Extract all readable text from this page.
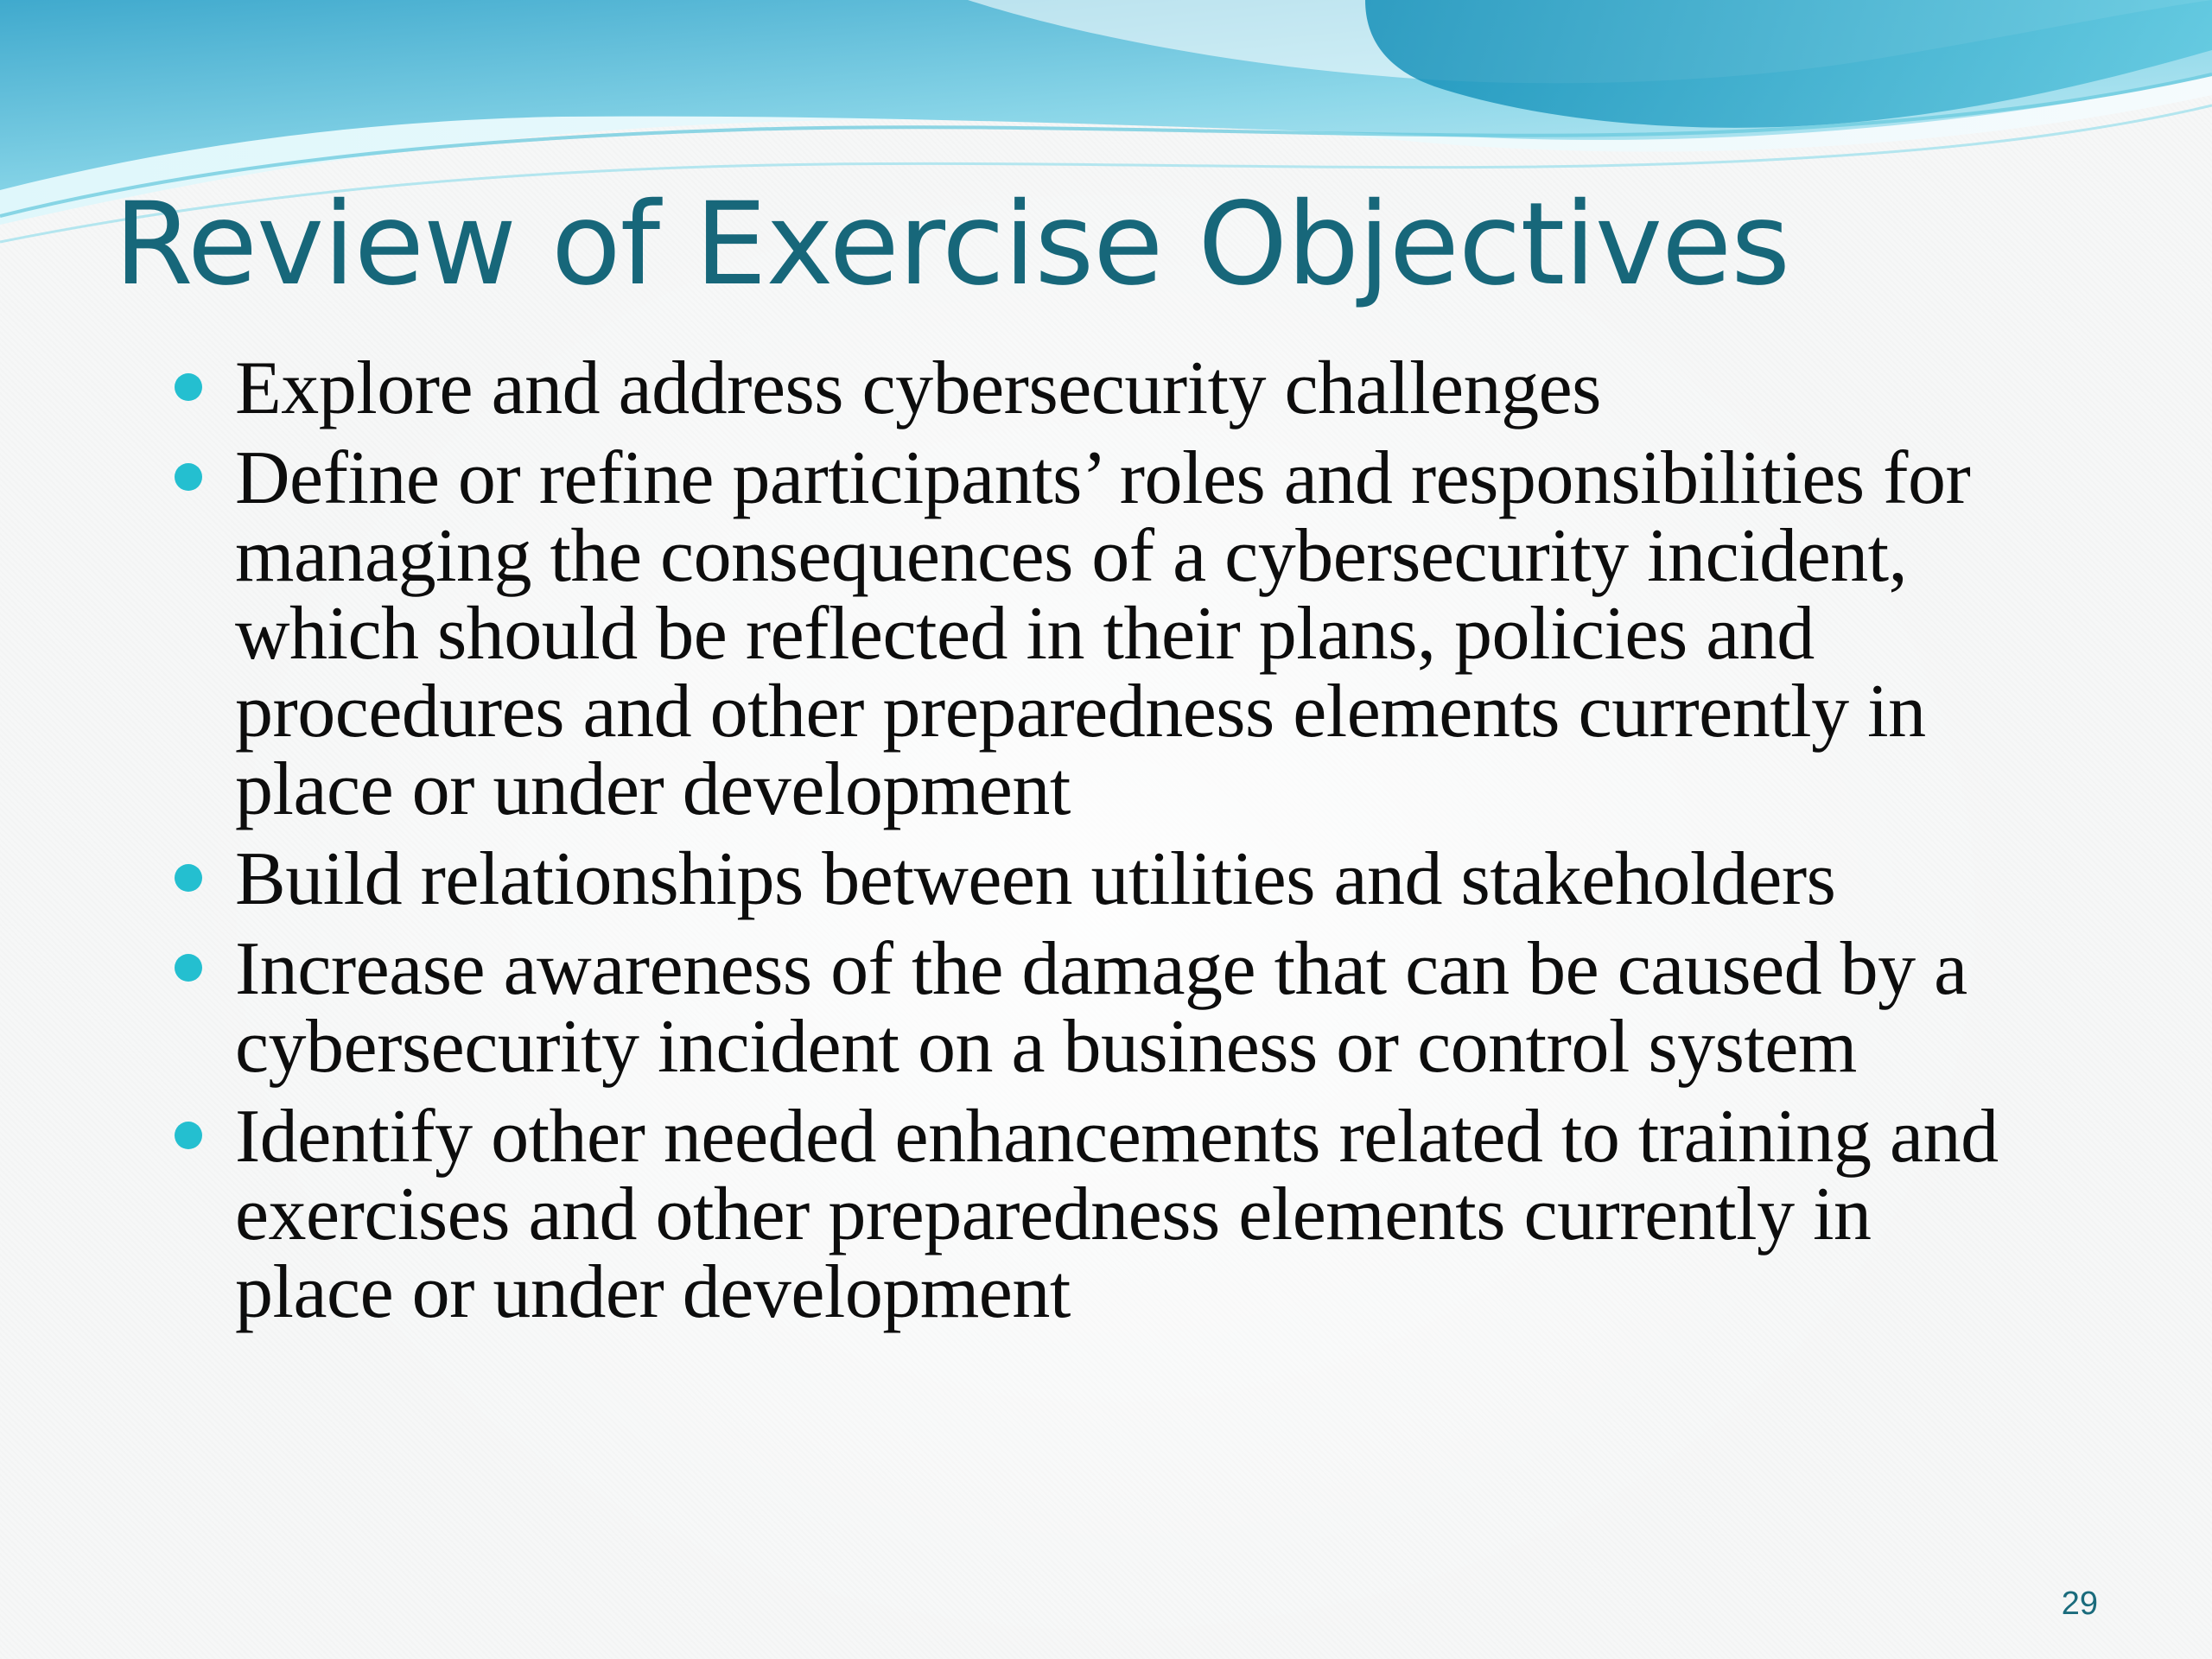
Review of Exercise Objectives
Explore and address cybersecurity challenges
Define or refine participants’ roles and responsibilities for managing the consequences of a cybersecurity incident, which should be reflected in their plans, policies and procedures and other preparedness elements currently in place or under development
Build relationships between utilities and stakeholders
Increase awareness of the damage that can be caused by a cybersecurity incident on a business or control system
Identify other needed enhancements related to training and exercises and other preparedness elements currently in place or under development
29
